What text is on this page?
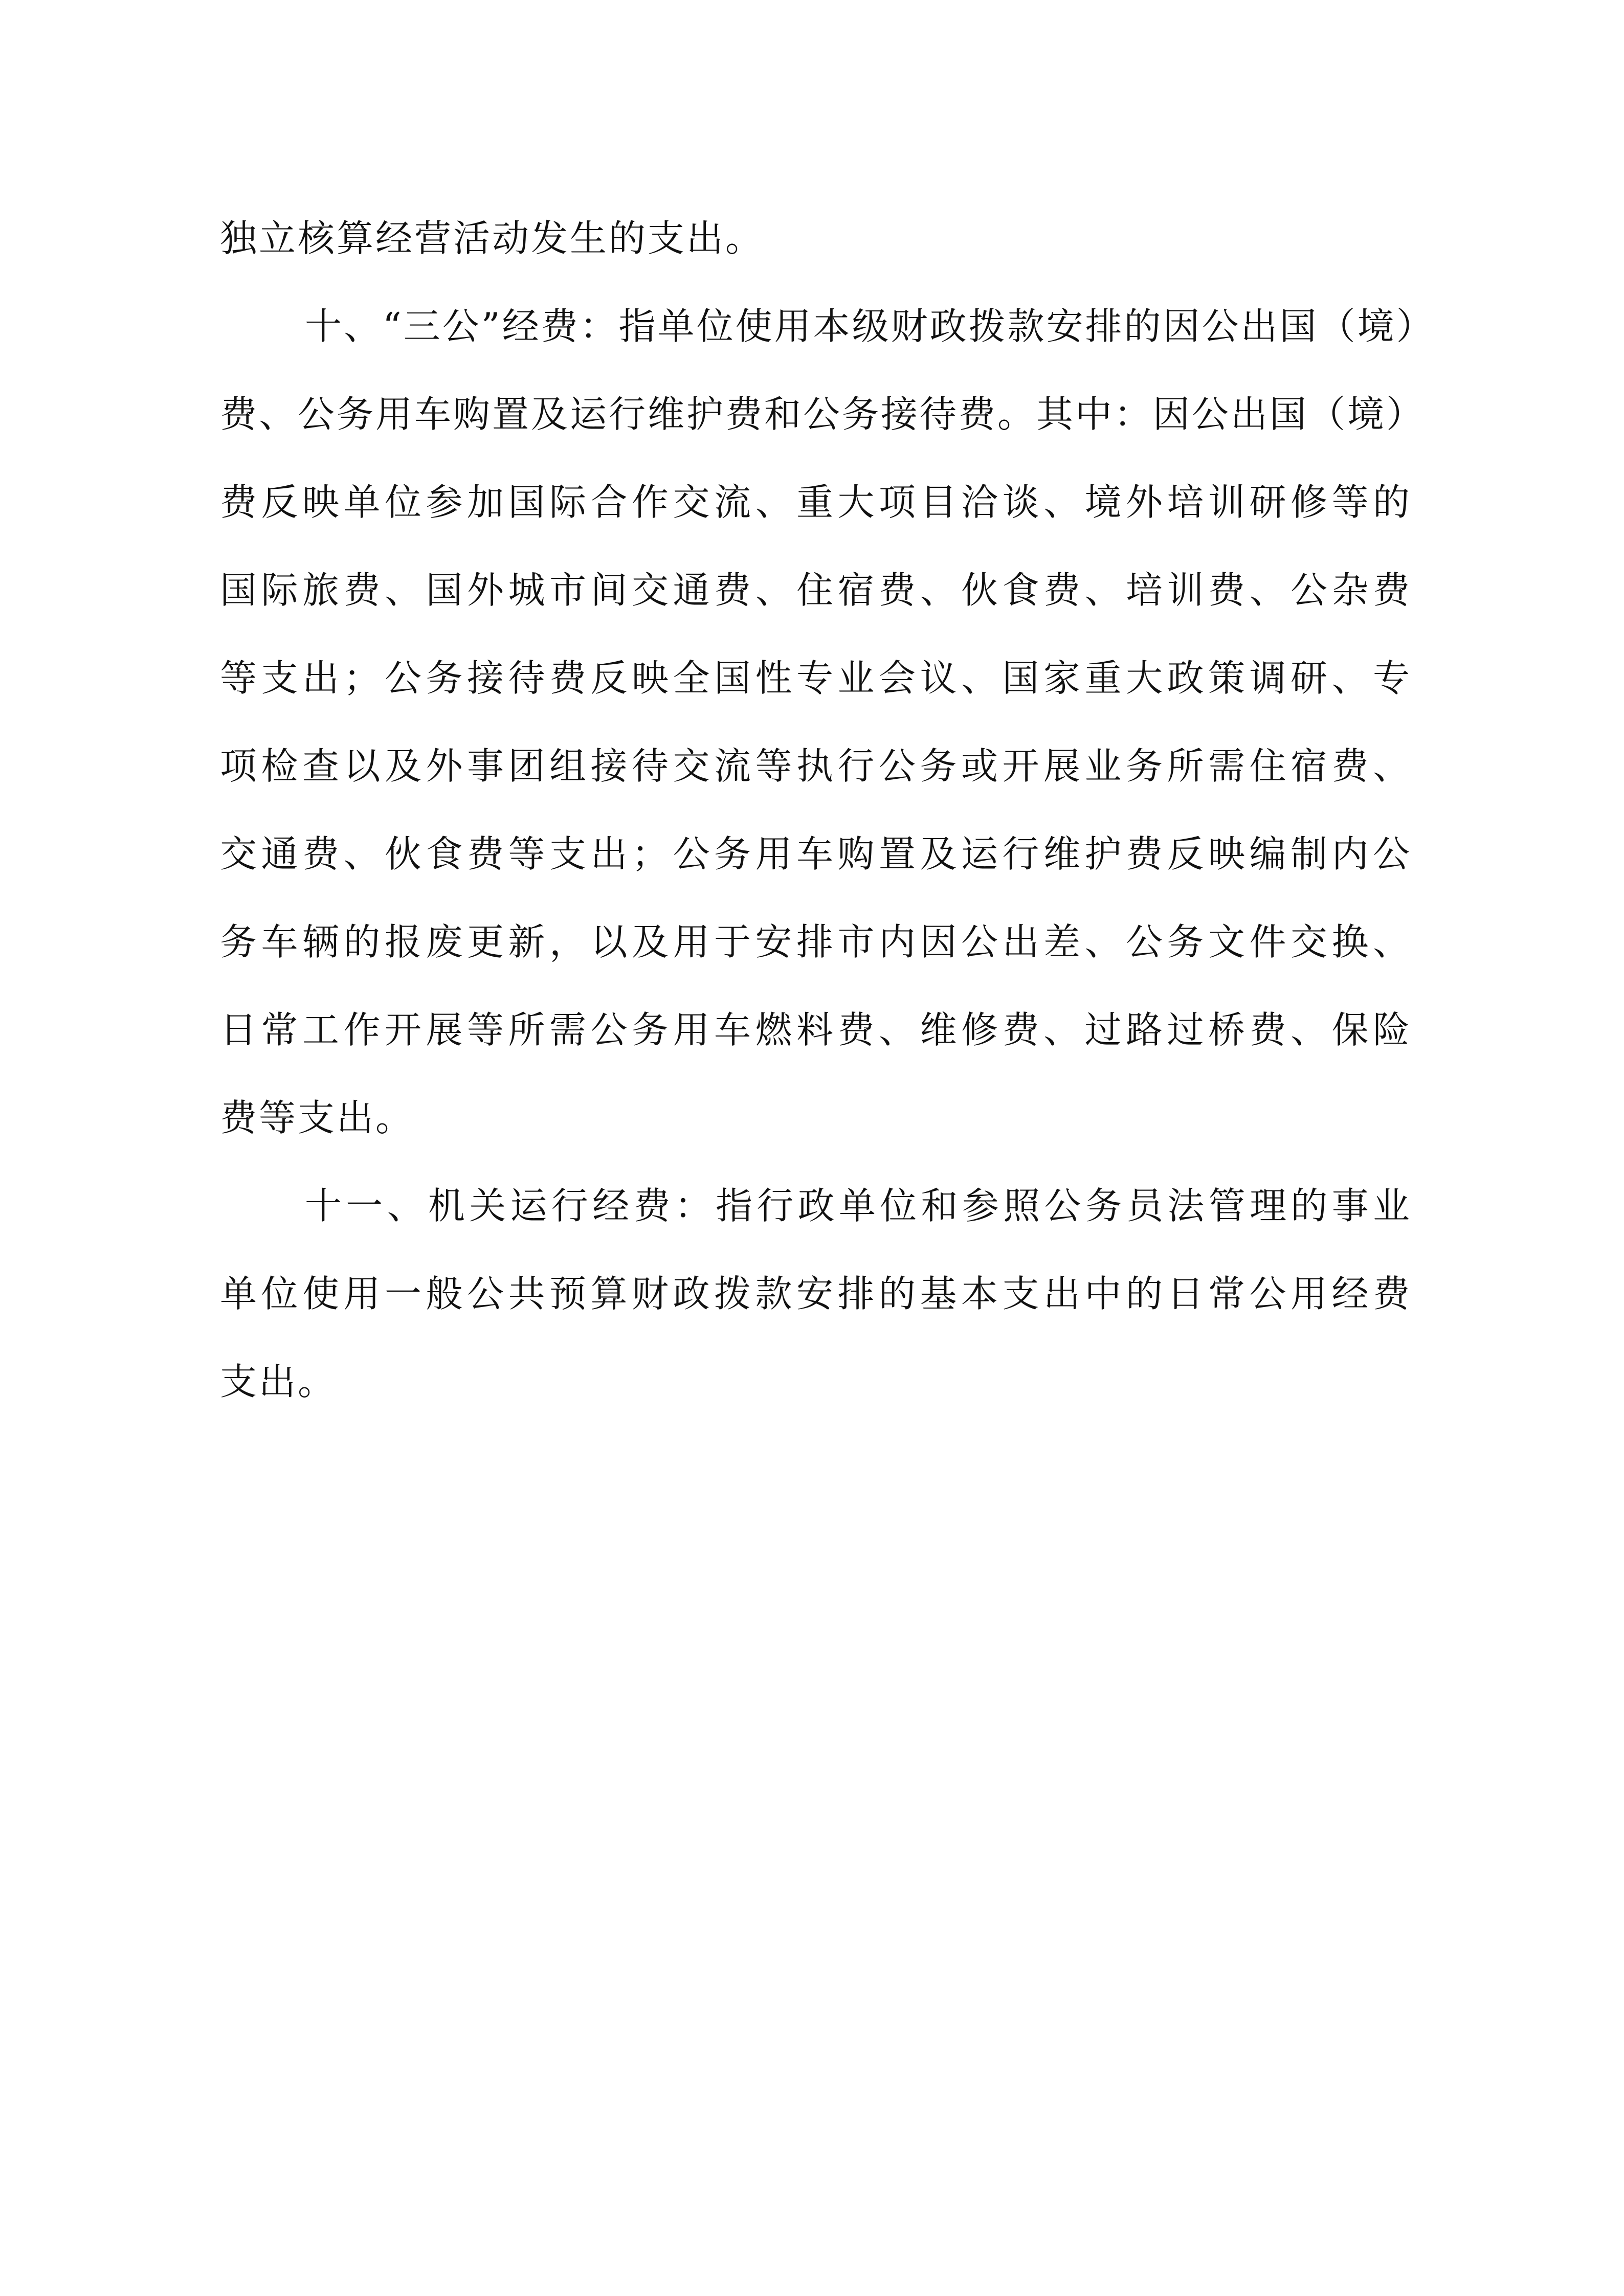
独立核算经营活动发生的支出。
十、“三公”经费：指单位使用本级财政拨款安排的因公出国（境）
费、公务用车购置及运行维护费和公务接待费。其中：因公出国（境）
费反映单位参加国际合作交流、重大项目洽谈、境外培训研修等的
国际旅费、国外城市间交通费、住宿费、伙食费、培训费、公杂费
等支出；公务接待费反映全国性专业会议、国家重大政策调研、专
项检查以及外事团组接待交流等执行公务或开展业务所需住宿费、
交通费、伙食费等支出；公务用车购置及运行维护费反映编制内公
务车辆的报废更新，以及用于安排市内因公出差、公务文件交换、
日常工作开展等所需公务用车燃料费、维修费、过路过桥费、保险
费等支出。
十一、机关运行经费：指行政单位和参照公务员法管理的事业
单位使用一般公共预算财政拨款安排的基本支出中的日常公用经费
支出。
